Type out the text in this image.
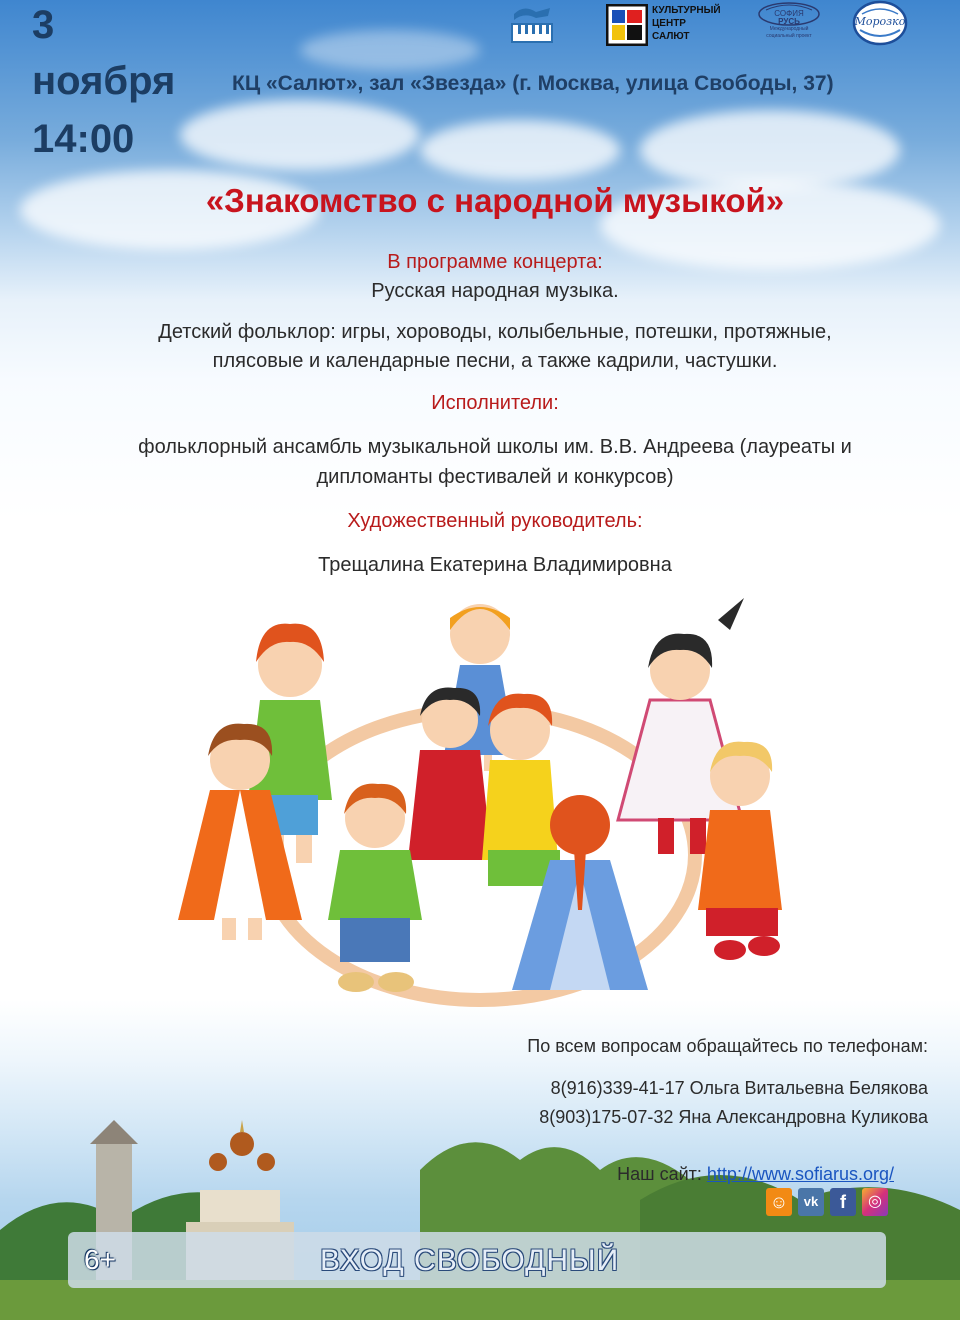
3
ноября
14:00
КЦ «Салют», зал «Звезда» (г. Москва, улица Свободы, 37)
КУЛЬТУРНЫЙ
ЦЕНТР
САЛЮТ
СОФИЯ
РУСЬ
Международный
социальный проект
Морозко
«Знакомство с народной музыкой»
В программе концерта:
Русская народная музыка.
Детский фольклор: игры, хороводы, колыбельные, потешки, протяжные,
плясовые и календарные песни, а также кадрили, частушки.
Исполнители:
фольклорный ансамбль музыкальной школы им. В.В. Андреева (лауреаты и
дипломанты фестивалей и конкурсов)
Художественный руководитель:
Трещалина Екатерина Владимировна
По всем вопросам обращайтесь по телефонам:
8(916)339-41-17 Ольга Витальевна Белякова
8(903)175-07-32 Яна Александровна Куликова
Наш сайт: http://www.sofiarus.org/
☺	vk	f	◎
6+	ВХОД СВОБОДНЫЙ
